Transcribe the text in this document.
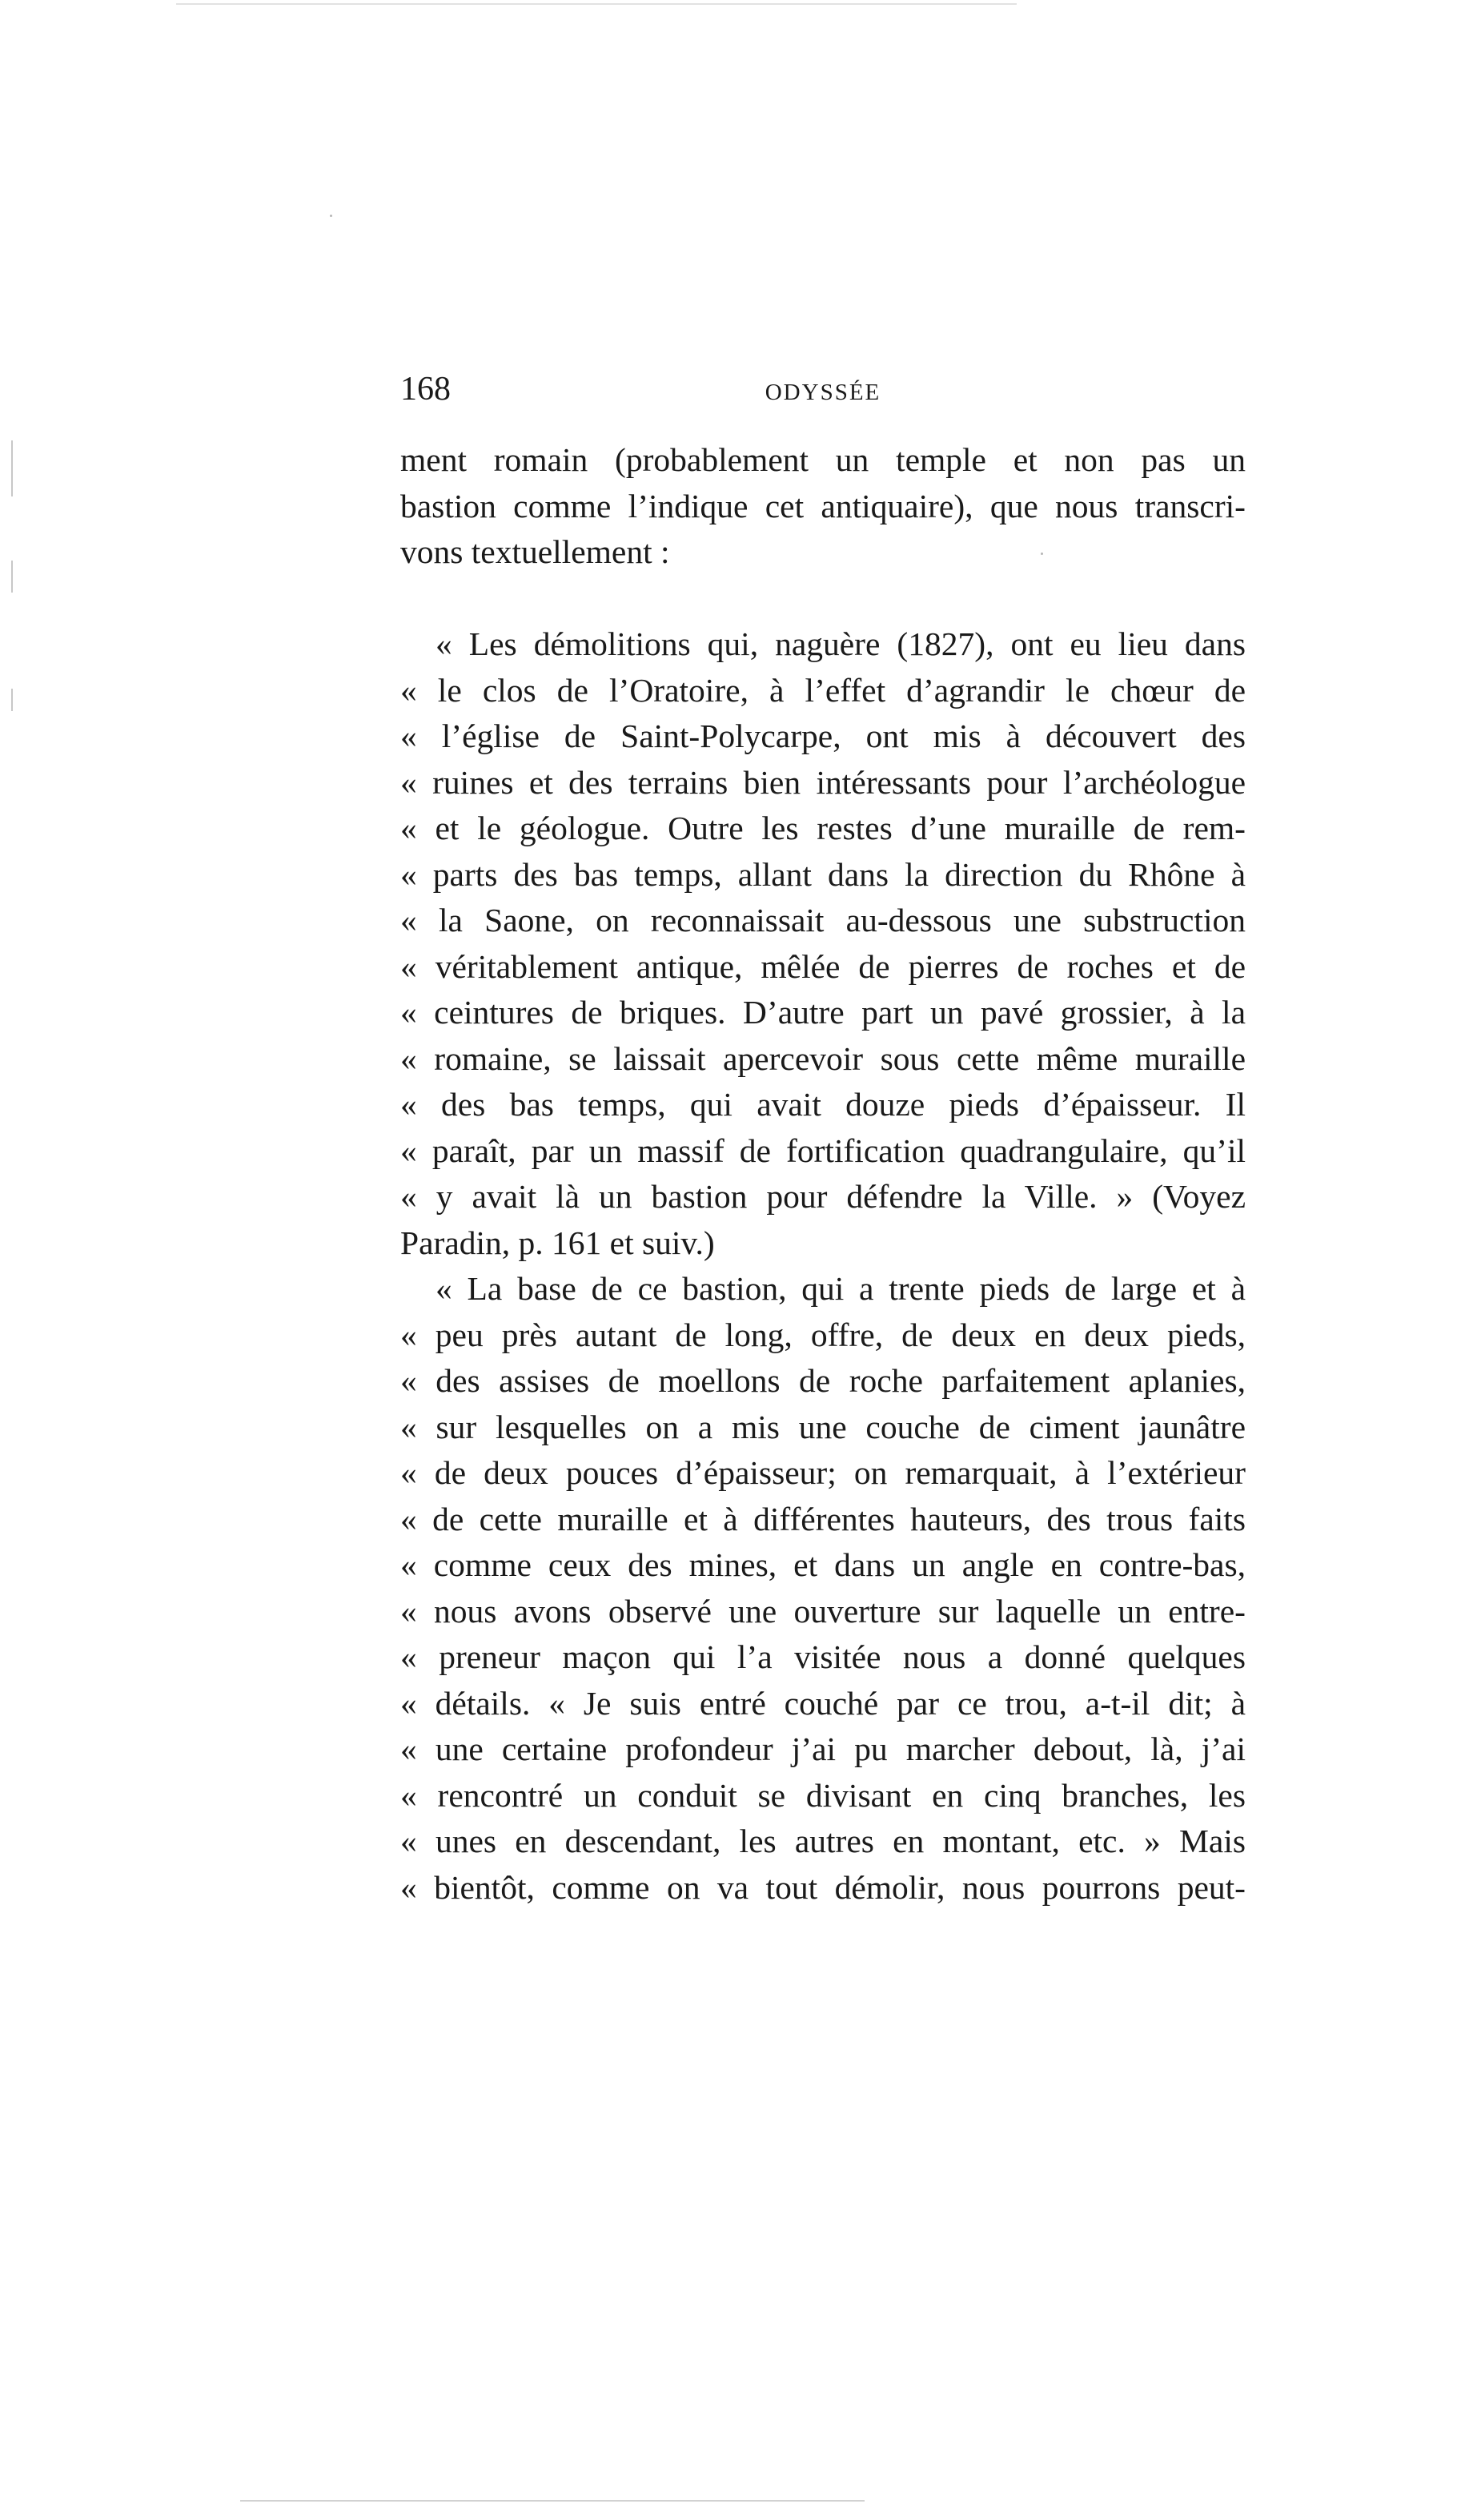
168	ODYSSÉE
ment romain (probablement un temple et non pas un
bastion comme l’indique cet antiquaire), que nous transcri-
vons textuellement :
« Les démolitions qui, naguère (1827), ont eu lieu dans
« le clos de l’Oratoire, à l’effet d’agrandir le chœur de
« l’église de Saint-Polycarpe, ont mis à découvert des
« ruines et des terrains bien intéressants pour l’archéologue
« et le géologue. Outre les restes d’une muraille de rem-
« parts des bas temps, allant dans la direction du Rhône à
« la Saone, on reconnaissait au-dessous une substruction
« véritablement antique, mêlée de pierres de roches et de
« ceintures de briques. D’autre part un pavé grossier, à la
« romaine, se laissait apercevoir sous cette même muraille
« des bas temps, qui avait douze pieds d’épaisseur. Il
« paraît, par un massif de fortification quadrangulaire, qu’il
« y avait là un bastion pour défendre la Ville. » (Voyez
Paradin, p. 161 et suiv.)
« La base de ce bastion, qui a trente pieds de large et à
« peu près autant de long, offre, de deux en deux pieds,
« des assises de moellons de roche parfaitement aplanies,
« sur lesquelles on a mis une couche de ciment jaunâtre
« de deux pouces d’épaisseur; on remarquait, à l’extérieur
« de cette muraille et à différentes hauteurs, des trous faits
« comme ceux des mines, et dans un angle en contre-bas,
« nous avons observé une ouverture sur laquelle un entre-
« preneur maçon qui l’a visitée nous a donné quelques
« détails. « Je suis entré couché par ce trou, a-t-il dit; à
« une certaine profondeur j’ai pu marcher debout, là, j’ai
« rencontré un conduit se divisant en cinq branches, les
« unes en descendant, les autres en montant, etc. » Mais
« bientôt, comme on va tout démolir, nous pourrons peut-
